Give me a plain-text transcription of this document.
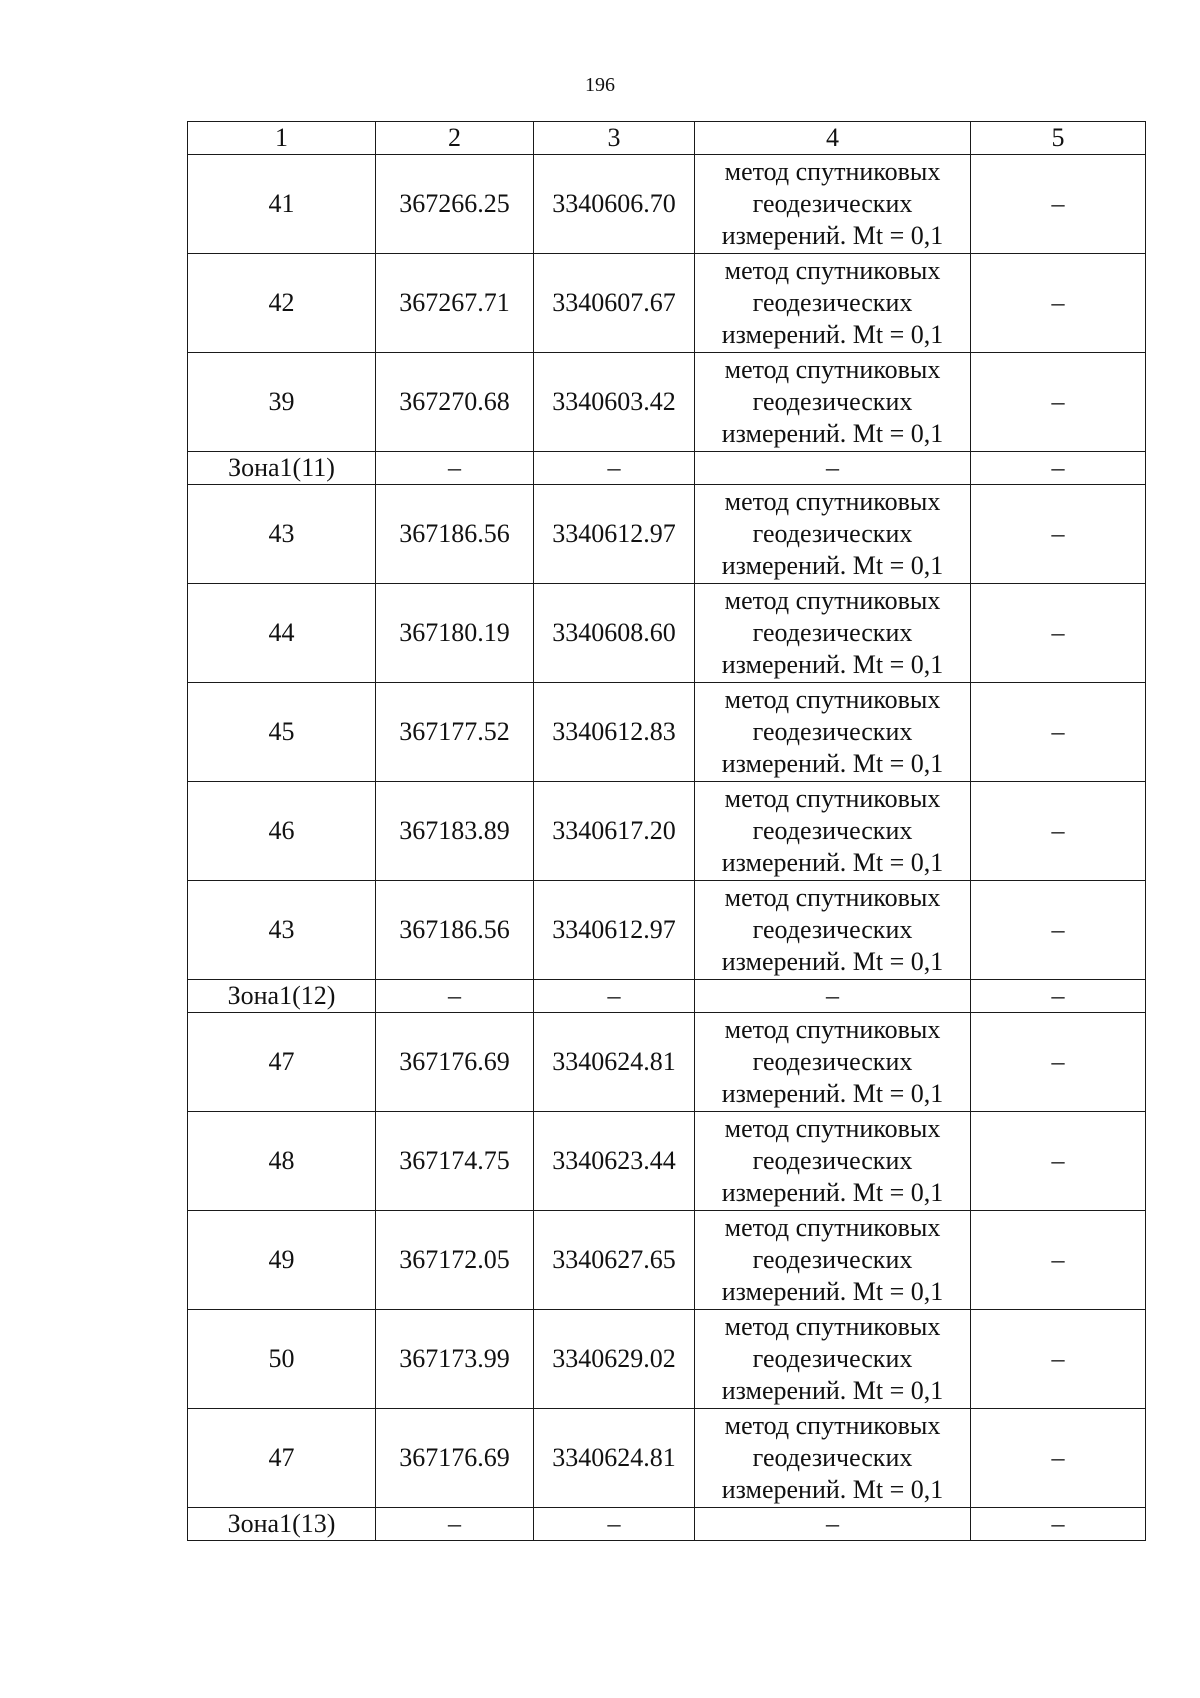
196
1	2	3	4	5
41	367266.25	3340606.70	метод спутниковых геодезических измерений. Mt = 0,1	–
42	367267.71	3340607.67	метод спутниковых геодезических измерений. Mt = 0,1	–
39	367270.68	3340603.42	метод спутниковых геодезических измерений. Mt = 0,1	–
Зона1(11)	–	–	–	–
43	367186.56	3340612.97	метод спутниковых геодезических измерений. Mt = 0,1	–
44	367180.19	3340608.60	метод спутниковых геодезических измерений. Mt = 0,1	–
45	367177.52	3340612.83	метод спутниковых геодезических измерений. Mt = 0,1	–
46	367183.89	3340617.20	метод спутниковых геодезических измерений. Mt = 0,1	–
43	367186.56	3340612.97	метод спутниковых геодезических измерений. Mt = 0,1	–
Зона1(12)	–	–	–	–
47	367176.69	3340624.81	метод спутниковых геодезических измерений. Mt = 0,1	–
48	367174.75	3340623.44	метод спутниковых геодезических измерений. Mt = 0,1	–
49	367172.05	3340627.65	метод спутниковых геодезических измерений. Mt = 0,1	–
50	367173.99	3340629.02	метод спутниковых геодезических измерений. Mt = 0,1	–
47	367176.69	3340624.81	метод спутниковых геодезических измерений. Mt = 0,1	–
Зона1(13)	–	–	–	–
